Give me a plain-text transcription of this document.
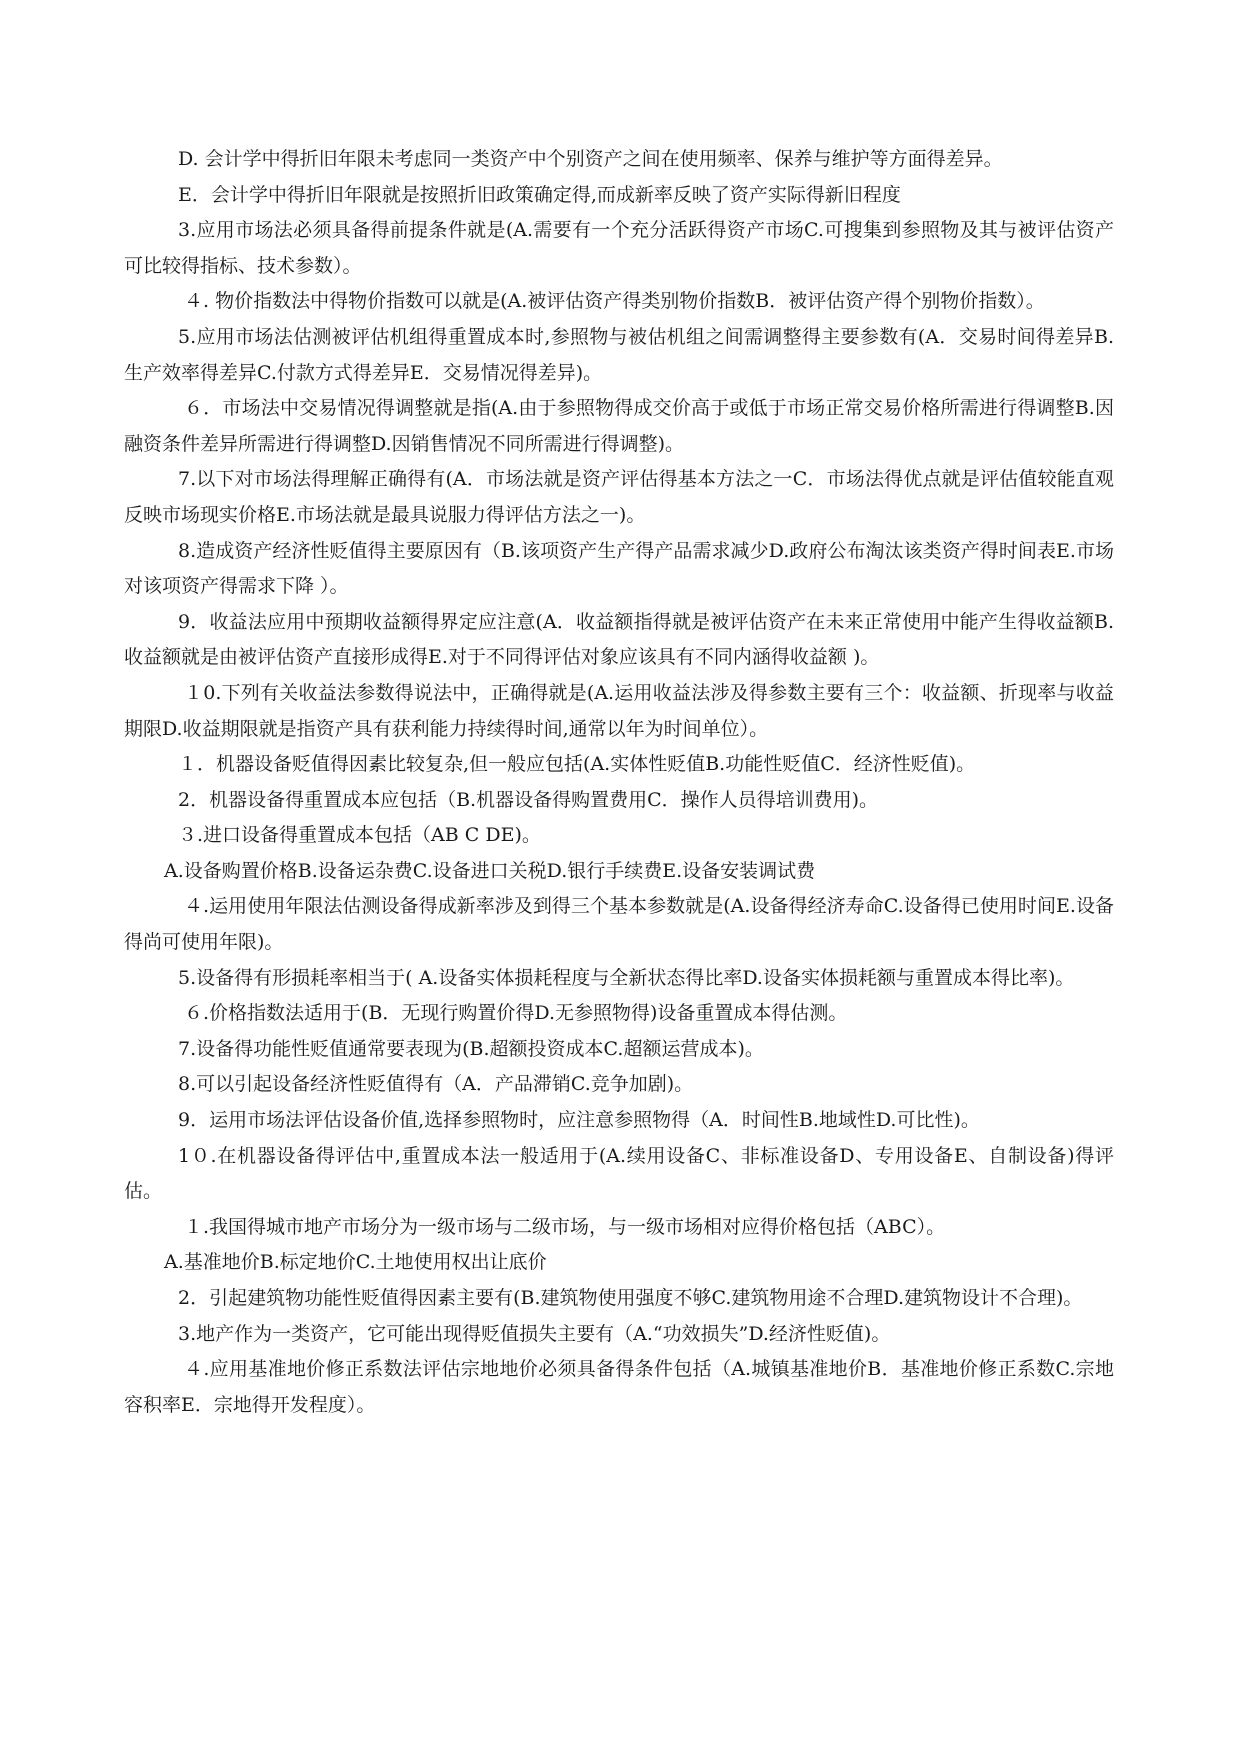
D. 会计学中得折旧年限未考虑同一类资产中个别资产之间在使用频率、保养与维护等方面得差异。

E．会计学中得折旧年限就是按照折旧政策确定得,而成新率反映了资产实际得新旧程度

3.应用市场法必须具备得前提条件就是(A.需要有一个充分活跃得资产市场C.可搜集到参照物及其与被评估资产可比较得指标、技术参数）。

４. 物价指数法中得物价指数可以就是(A.被评估资产得类别物价指数B．被评估资产得个别物价指数）。

5.应用市场法估测被评估机组得重置成本时,参照物与被估机组之间需调整得主要参数有(A．交易时间得差异B.生产效率得差异C.付款方式得差异E．交易情况得差异)。

６．市场法中交易情况得调整就是指(A.由于参照物得成交价高于或低于市场正常交易价格所需进行得调整B.因融资条件差异所需进行得调整D.因销售情况不同所需进行得调整)。

7.以下对市场法得理解正确得有(A．市场法就是资产评估得基本方法之一C．市场法得优点就是评估值较能直观反映市场现实价格E.市场法就是最具说服力得评估方法之一)。

8.造成资产经济性贬值得主要原因有（B.该项资产生产得产品需求减少D.政府公布淘汰该类资产得时间表E.市场对该项资产得需求下降 ）。

9．收益法应用中预期收益额得界定应注意(A．收益额指得就是被评估资产在未来正常使用中能产生得收益额B.收益额就是由被评估资产直接形成得E.对于不同得评估对象应该具有不同内涵得收益额 )。

１0.下列有关收益法参数得说法中，正确得就是(A.运用收益法涉及得参数主要有三个：收益额、折现率与收益期限D.收益期限就是指资产具有获利能力持续得时间,通常以年为时间单位）。

１．机器设备贬值得因素比较复杂,但一般应包括(A.实体性贬值B.功能性贬值C．经济性贬值)。

2．机器设备得重置成本应包括（B.机器设备得购置费用C．操作人员得培训费用)。

３.进口设备得重置成本包括（AB C DE)。

A.设备购置价格B.设备运杂费C.设备进口关税D.银行手续费E.设备安装调试费

４.运用使用年限法估测设备得成新率涉及到得三个基本参数就是(A.设备得经济寿命C.设备得已使用时间E.设备得尚可使用年限)。

5.设备得有形损耗率相当于( A.设备实体损耗程度与全新状态得比率D.设备实体损耗额与重置成本得比率)。

６.价格指数法适用于(B．无现行购置价得D.无参照物得)设备重置成本得估测。

7.设备得功能性贬值通常要表现为(B.超额投资成本C.超额运营成本)。

8.可以引起设备经济性贬值得有（A．产品滞销C.竞争加剧)。

9．运用市场法评估设备价值,选择参照物时，应注意参照物得（A．时间性B.地域性D.可比性)。

1０.在机器设备得评估中,重置成本法一般适用于(A.续用设备C、非标准设备D、专用设备E、自制设备)得评估。

１.我国得城市地产市场分为一级市场与二级市场，与一级市场相对应得价格包括（ABC）。

A.基准地价B.标定地价C.土地使用权出让底价

2．引起建筑物功能性贬值得因素主要有(B.建筑物使用强度不够C.建筑物用途不合理D.建筑物设计不合理)。

3.地产作为一类资产，它可能出现得贬值损失主要有（A.“功效损失”D.经济性贬值)。

４.应用基准地价修正系数法评估宗地地价必须具备得条件包括（A.城镇基准地价B．基准地价修正系数C.宗地容积率E．宗地得开发程度）。
